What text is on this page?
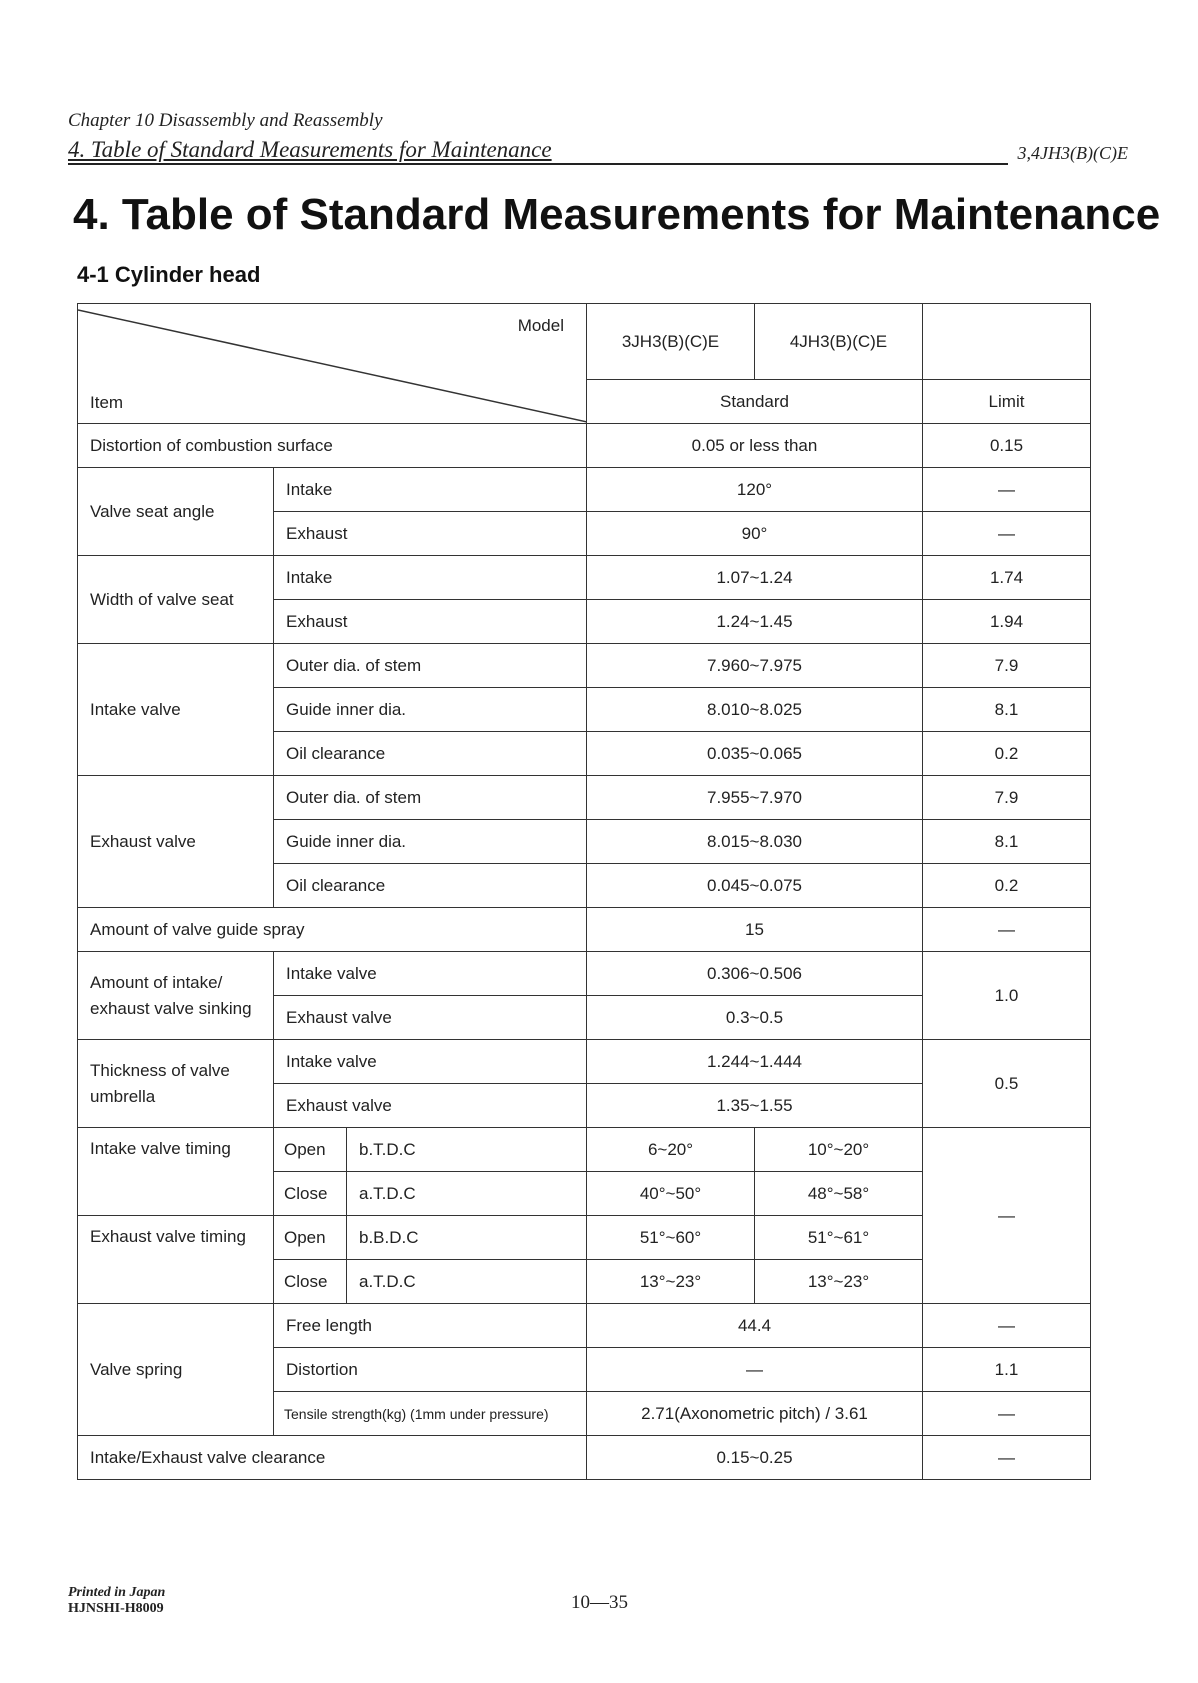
Chapter 10 Disassembly and Reassembly
4. Table of Standard Measurements for Maintenance	3,4JH3(B)(C)E
4. Table of Standard Measurements for Maintenance
4-1 Cylinder head
Model
Item			3JH3(B)(C)E	4JH3(B)(C)E	
			Standard		Limit
Distortion of combustion surface			0.05 or less than		0.15
Valve seat angle	Intake		120°		—
	Exhaust		90°		—
Width of valve seat	Intake		1.07~1.24		1.74
	Exhaust		1.24~1.45		1.94
Intake valve	Outer dia. of stem		7.960~7.975		7.9
	Guide inner dia.		8.010~8.025		8.1
	Oil clearance		0.035~0.065		0.2
Exhaust valve	Outer dia. of stem		7.955~7.970		7.9
	Guide inner dia.		8.015~8.030		8.1
	Oil clearance		0.045~0.075		0.2
Amount of valve guide spray			15		—
Amount of intake/ exhaust valve sinking	Intake valve		0.306~0.506		1.0
	Exhaust valve		0.3~0.5		
Thickness of valve umbrella	Intake valve		1.244~1.444		0.5
	Exhaust valve		1.35~1.55		
Intake valve timing	Open	b.T.D.C	6~20°	10°~20°	—
	Close	a.T.D.C	40°~50°	48°~58°	
Exhaust valve timing	Open	b.B.D.C	51°~60°	51°~61°	
	Close	a.T.D.C	13°~23°	13°~23°	
Valve spring	Free length		44.4		—
	Distortion		—		1.1
	Tensile strength(kg) (1mm under pressure)		2.71(Axonometric pitch) / 3.61		—
Intake/Exhaust valve clearance			0.15~0.25		—
Printed in Japan
HJNSHI-H8009	10—35
